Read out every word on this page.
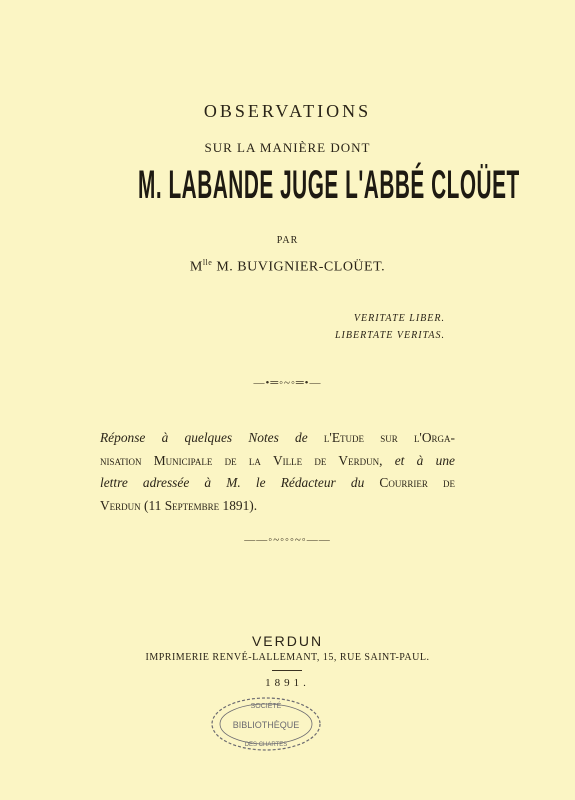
OBSERVATIONS
SUR LA MANIÈRE DONT
M. LABANDE JUGE L'ABBÉ CLOÜET
PAR
$M^{lle}$ M. BUVIGNIER-CLOÜET.
VERITATE LIBER.
LIBERTATE VERITAS.
—•═◦~◦═•—
Réponse à quelques Notes de l'Etude sur l'Orga-
nisation Municipale de la Ville de Verdun, et à une
lettre adressée à M. le Rédacteur du Courrier de
Verdun (11 Septembre 1891).
——◦~◦◦◦~◦——
VERDUN
IMPRIMERIE RENVÉ-LALLEMANT, 15, RUE SAINT-PAUL.
1891.
SOCIÉTÉ
BIBLIOTHÈQUE
DES CHARTES
